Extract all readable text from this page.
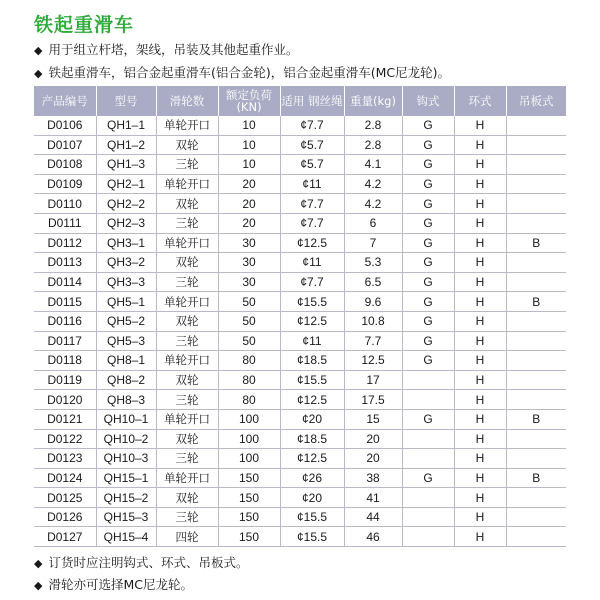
铁起重滑车
◆ 用于组立杆塔，架线，吊装及其他起重作业。
◆ 铁起重滑车，铝合金起重滑车(铝合金轮)，铝合金起重滑车(MC尼龙轮)。
产品编号	型号	滑轮数	额定负荷 (KN)	适用 钢丝绳	重量(kg)	钩式	环式	吊板式
D0106	QH1–1	单轮开口	10	¢7.7	2.8	G	H	
D0107	QH1–2	双轮	10	¢5.7	2.8	G	H	
D0108	QH1–3	三轮	10	¢5.7	4.1	G	H	
D0109	QH2–1	单轮开口	20	¢11	4.2	G	H	
D0110	QH2–2	双轮	20	¢7.7	4.2	G	H	
D0111	QH2–3	三轮	20	¢7.7	6	G	H	
D0112	QH3–1	单轮开口	30	¢12.5	7	G	H	B
D0113	QH3–2	双轮	30	¢11	5.3	G	H	
D0114	QH3–3	三轮	30	¢7.7	6.5	G	H	
D0115	QH5–1	单轮开口	50	¢15.5	9.6	G	H	B
D0116	QH5–2	双轮	50	¢12.5	10.8	G	H	
D0117	QH5–3	三轮	50	¢11	7.7	G	H	
D0118	QH8–1	单轮开口	80	¢18.5	12.5	G	H	
D0119	QH8–2	双轮	80	¢15.5	17		H	
D0120	QH8–3	三轮	80	¢12.5	17.5		H	
D0121	QH10–1	单轮开口	100	¢20	15	G	H	B
D0122	QH10–2	双轮	100	¢18.5	20		H	
D0123	QH10–3	三轮	100	¢12.5	20		H	
D0124	QH15–1	单轮开口	150	¢26	38	G	H	B
D0125	QH15–2	双轮	150	¢20	41		H	
D0126	QH15–3	三轮	150	¢15.5	44		H	
D0127	QH15–4	四轮	150	¢15.5	46		H	
◆ 订货时应注明钩式、环式、吊板式。
◆ 滑轮亦可选择MC尼龙轮。
